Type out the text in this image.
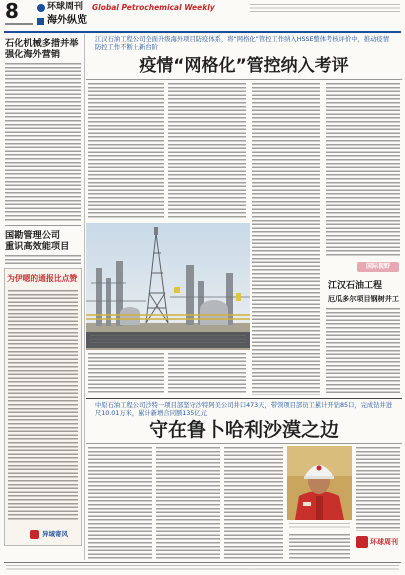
8	环球周刊 Global Petrochemical Weekly
海外纵览
石化机械多措并举
强化海外营销
国勘管理公司
重识高效能项目
为伊嗯的通报比点赞
异域寄风
江汉石油工程公司全面升级海外项目防疫体系，将“网格化”管控工作纳入HSSE整体考核评价中，推动疫情防控工作不断上新台阶
疫情“网格化”管控纳入考评
国际视野
江汉石油工程
厄瓜多尔项目钢树井工
中原石油工程公司沙特一项目部坚守沙特阿美公司井口473天，带领项目部员工累计开钻85口，完成钻井进尺10.01万米，累计新增合同额135亿元
守在鲁卜哈利沙漠之边
环球周刊
